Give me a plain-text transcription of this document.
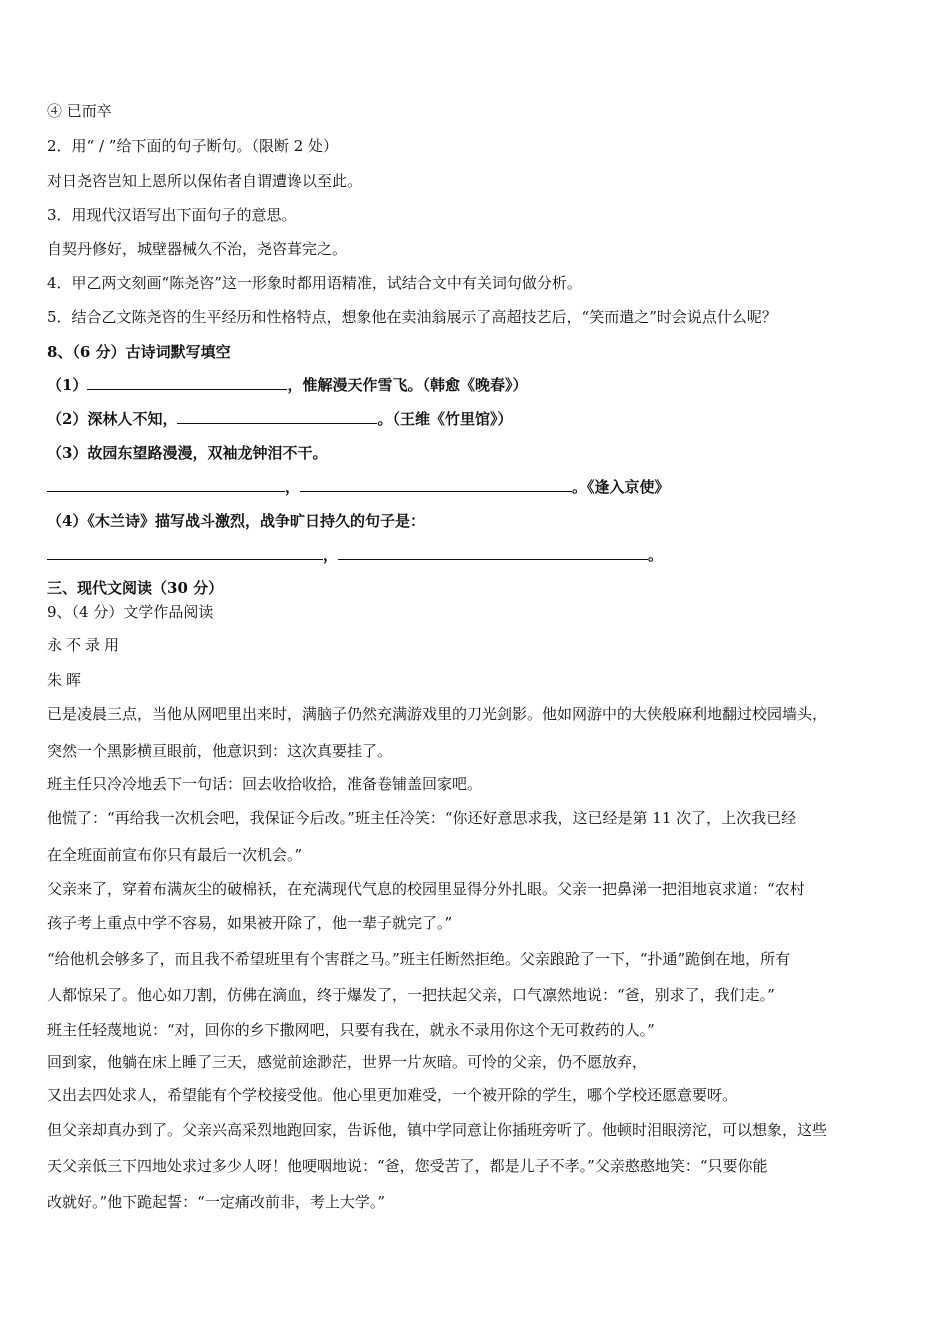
④ 已而卒
2．用“ / ”给下面的句子断句。（限断 2 处）
对日尧咨岂知上恩所以保佑者自谓遭谗以至此。
3．用现代汉语写出下面句子的意思。
自契丹修好，城壁器械久不治，尧咨葺完之。
4．甲乙两文刻画“陈尧咨”这一形象时都用语精准，试结合文中有关词句做分析。
5．结合乙文陈尧咨的生平经历和性格特点，想象他在卖油翁展示了高超技艺后，“笑而遣之”时会说点什么呢？
8、（6 分）古诗词默写填空
（1）	，惟解漫天作雪飞。（韩愈《晚春》）
（2）深林人不知，	。（王维《竹里馆》）
（3）故园东望路漫漫，双袖龙钟泪不干。
，	。《逢入京使》
（4）《木兰诗》描写战斗激烈，战争旷日持久的句子是：
，	。
三、现代文阅读（30 分）
9、（4 分）文学作品阅读
永不录用
朱晖
已是凌晨三点，当他从网吧里出来时，满脑子仍然充满游戏里的刀光剑影。他如网游中的大侠般麻利地翻过校园墙头，
突然一个黑影横亘眼前，他意识到：这次真要挂了。
班主任只冷冷地丢下一句话：回去收拾收拾，准备卷铺盖回家吧。
他慌了：“再给我一次机会吧，我保证今后改。”班主任冷笑：“你还好意思求我，这已经是第 11 次了，上次我已经
在全班面前宣布你只有最后一次机会。”
父亲来了，穿着布满灰尘的破棉袄，在充满现代气息的校园里显得分外扎眼。父亲一把鼻涕一把泪地哀求道：“农村
孩子考上重点中学不容易，如果被开除了，他一辈子就完了。”
“给他机会够多了，而且我不希望班里有个害群之马。”班主任断然拒绝。父亲踉跄了一下，“扑通”跪倒在地，所有
人都惊呆了。他心如刀割，仿佛在滴血，终于爆发了，一把扶起父亲，口气凛然地说：“爸，别求了，我们走。”
班主任轻蔑地说：“对，回你的乡下撒网吧，只要有我在，就永不录用你这个无可救药的人。”
回到家，他躺在床上睡了三天，感觉前途渺茫，世界一片灰暗。可怜的父亲，仍不愿放弃，
又出去四处求人，希望能有个学校接受他。他心里更加难受，一个被开除的学生，哪个学校还愿意要呀。
但父亲却真办到了。父亲兴高采烈地跑回家，告诉他，镇中学同意让你插班旁听了。他顿时泪眼滂沱，可以想象，这些
天父亲低三下四地处求过多少人呀！他哽咽地说：“爸，您受苦了，都是儿子不孝。”父亲憨憨地笑：“只要你能
改就好。”他下跪起誓：“一定痛改前非，考上大学。”
